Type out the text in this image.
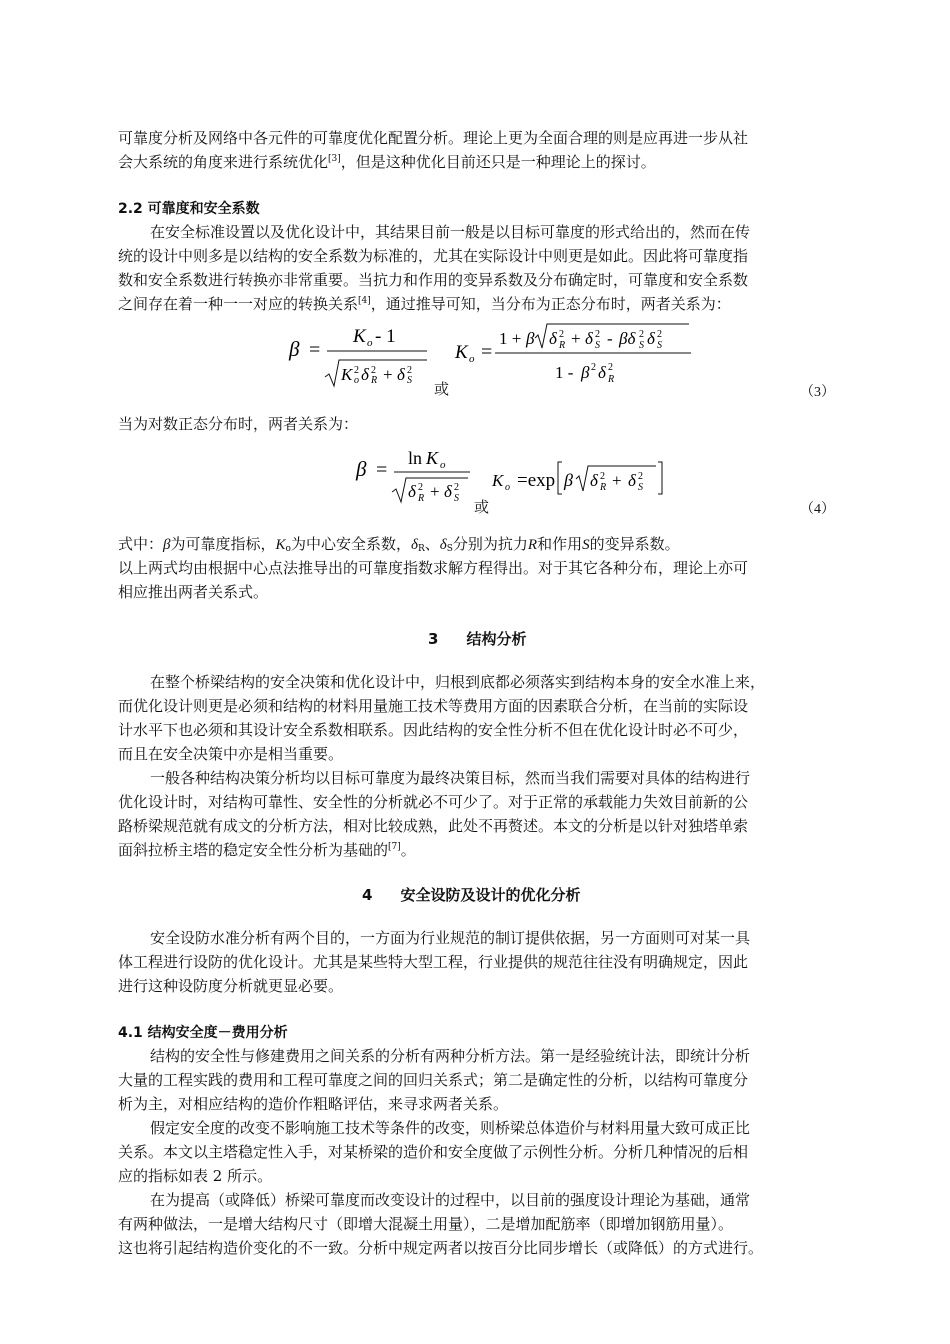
可靠度分析及网络中各元件的可靠度优化配置分析。理论上更为全面合理的则是应再进一步从社
会大系统的角度来进行系统优化[3]，但是这种优化目前还只是一种理论上的探讨。
2.2 可靠度和安全系数
在安全标准设置以及优化设计中，其结果目前一般是以目标可靠度的形式给出的，然而在传
统的设计中则多是以结构的安全系数为标准的，尤其在实际设计中则更是如此。因此将可靠度指
数和安全系数进行转换亦非常重要。当抗力和作用的变异系数及分布确定时，可靠度和安全系数
之间存在着一种一一对应的转换关系[4]，通过推导可知，当分布为正态分布时，两者关系为：
β =
K o - 1
K 2
o δ 2
R + δ 2
S
K o =
1 + β δ 2
R + δ 2
S - βδ 2
S δ 2
S
1 - β 2 δ 2
R
或	（3）
当为对数正态分布时，两者关系为：
β =
ln K o
δ 2
R + δ 2
S
K o =exp β δ 2
R + δ 2
S
或	（4）
式中：β为可靠度指标，$K_o$为中心安全系数，$\delta_R$、$\delta_S$分别为抗力R和作用S的变异系数。
以上两式均由根据中心点法推导出的可靠度指数求解方程得出。对于其它各种分布，理论上亦可
相应推出两者关系式。
3 结构分析
在整个桥梁结构的安全决策和优化设计中，归根到底都必须落实到结构本身的安全水准上来，
而优化设计则更是必须和结构的材料用量施工技术等费用方面的因素联合分析，在当前的实际设
计水平下也必须和其设计安全系数相联系。因此结构的安全性分析不但在优化设计时必不可少，
而且在安全决策中亦是相当重要。
一般各种结构决策分析均以目标可靠度为最终决策目标，然而当我们需要对具体的结构进行
优化设计时，对结构可靠性、安全性的分析就必不可少了。对于正常的承载能力失效目前新的公
路桥梁规范就有成文的分析方法，相对比较成熟，此处不再赘述。本文的分析是以针对独塔单索
面斜拉桥主塔的稳定安全性分析为基础的[7]。
4 安全设防及设计的优化分析
安全设防水准分析有两个目的，一方面为行业规范的制订提供依据，另一方面则可对某一具
体工程进行设防的优化设计。尤其是某些特大型工程，行业提供的规范往往没有明确规定，因此
进行这种设防度分析就更显必要。
4.1 结构安全度－费用分析
结构的安全性与修建费用之间关系的分析有两种分析方法。第一是经验统计法，即统计分析
大量的工程实践的费用和工程可靠度之间的回归关系式；第二是确定性的分析，以结构可靠度分
析为主，对相应结构的造价作粗略评估，来寻求两者关系。
假定安全度的改变不影响施工技术等条件的改变，则桥梁总体造价与材料用量大致可成正比
关系。本文以主塔稳定性入手，对某桥梁的造价和安全度做了示例性分析。分析几种情况的后相
应的指标如表 2 所示。
在为提高（或降低）桥梁可靠度而改变设计的过程中，以目前的强度设计理论为基础，通常
有两种做法，一是增大结构尺寸（即增大混凝土用量），二是增加配筋率（即增加钢筋用量）。
这也将引起结构造价变化的不一致。分析中规定两者以按百分比同步增长（或降低）的方式进行。
